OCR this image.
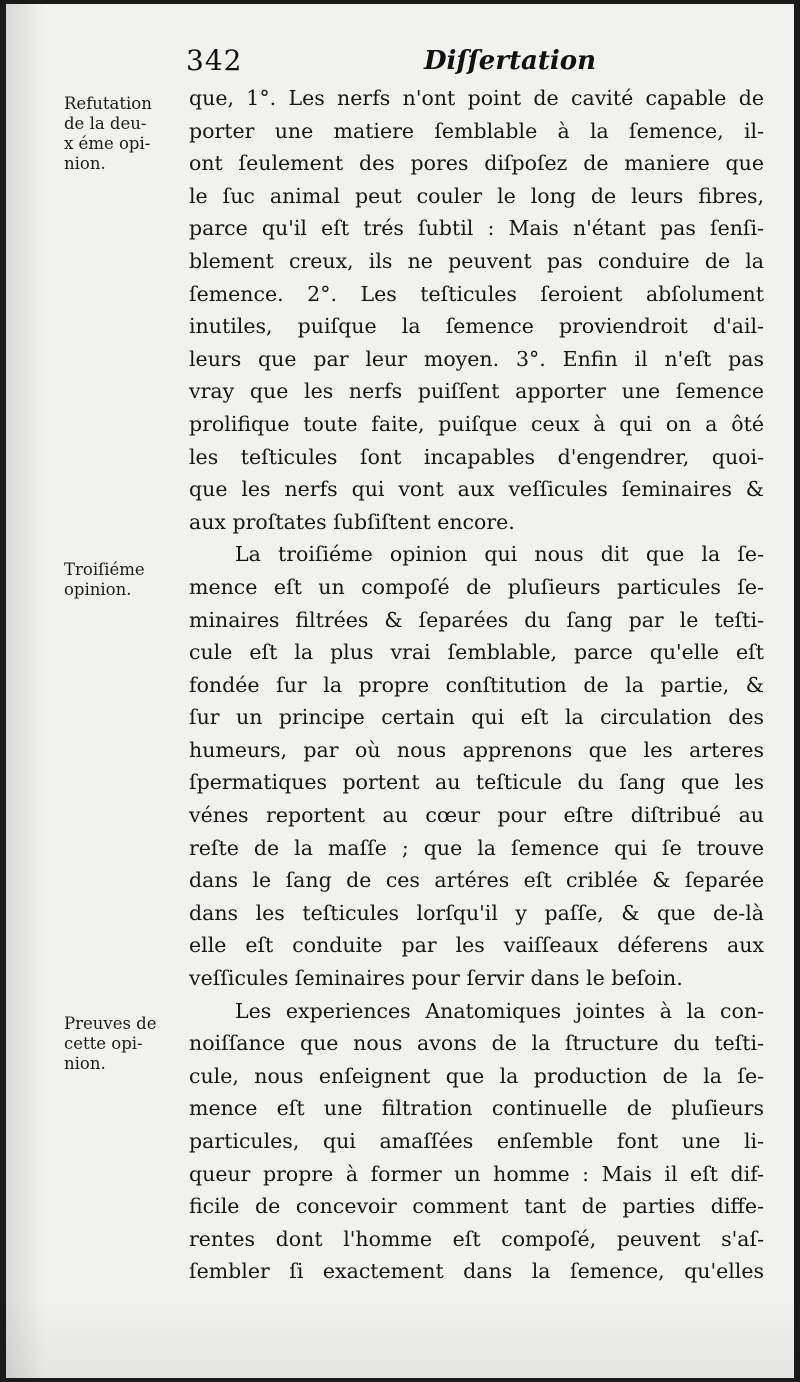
342	Diſſertation
Refutation
de la deu-
x éme opi-
nion.
Troiſiéme
opinion.
Preuves de
cette opi-
nion.
que, 1°. Les nerfs n'ont point de cavité capable de
porter une matiere ſemblable à la ſemence, il-
ont ſeulement des pores diſpoſez de maniere que
le ſuc animal peut couler le long de leurs fibres,
parce qu'il eſt trés ſubtil : Mais n'étant pas ſenſi-
blement creux, ils ne peuvent pas conduire de la
ſemence. 2°. Les teſticules ſeroient abſolument
inutiles, puiſque la ſemence proviendroit d'ail-
leurs que par leur moyen. 3°. Enfin il n'eſt pas
vray que les nerfs puiſſent apporter une ſemence
prolifique toute faite, puiſque ceux à qui on a ôté
les teſticules ſont incapables d'engendrer, quoi-
que les nerfs qui vont aux veſſicules ſeminaires &
aux proſtates ſubſiſtent encore.
La troiſiéme opinion qui nous dit que la ſe-
mence eſt un compoſé de pluſieurs particules ſe-
minaires filtrées & ſeparées du ſang par le teſti-
cule eſt la plus vrai ſemblable, parce qu'elle eſt
fondée ſur la propre conſtitution de la partie, &
ſur un principe certain qui eſt la circulation des
humeurs, par où nous apprenons que les arteres
ſpermatiques portent au teſticule du ſang que les
vénes reportent au cœur pour eſtre diſtribué au
reſte de la maſſe ; que la ſemence qui ſe trouve
dans le ſang de ces artéres eſt criblée & ſeparée
dans les teſticules lorſqu'il y paſſe, & que de-là
elle eſt conduite par les vaiſſeaux déferens aux
veſſicules ſeminaires pour ſervir dans le beſoin.
Les experiences Anatomiques jointes à la con-
noiſſance que nous avons de la ſtructure du teſti-
cule, nous enſeignent que la production de la ſe-
mence eſt une filtration continuelle de pluſieurs
particules, qui amaſſées enſemble font une li-
queur propre à former un homme : Mais il eſt dif-
ficile de concevoir comment tant de parties diffe-
rentes dont l'homme eſt compoſé, peuvent s'aſ-
ſembler ſi exactement dans la ſemence, qu'elles
